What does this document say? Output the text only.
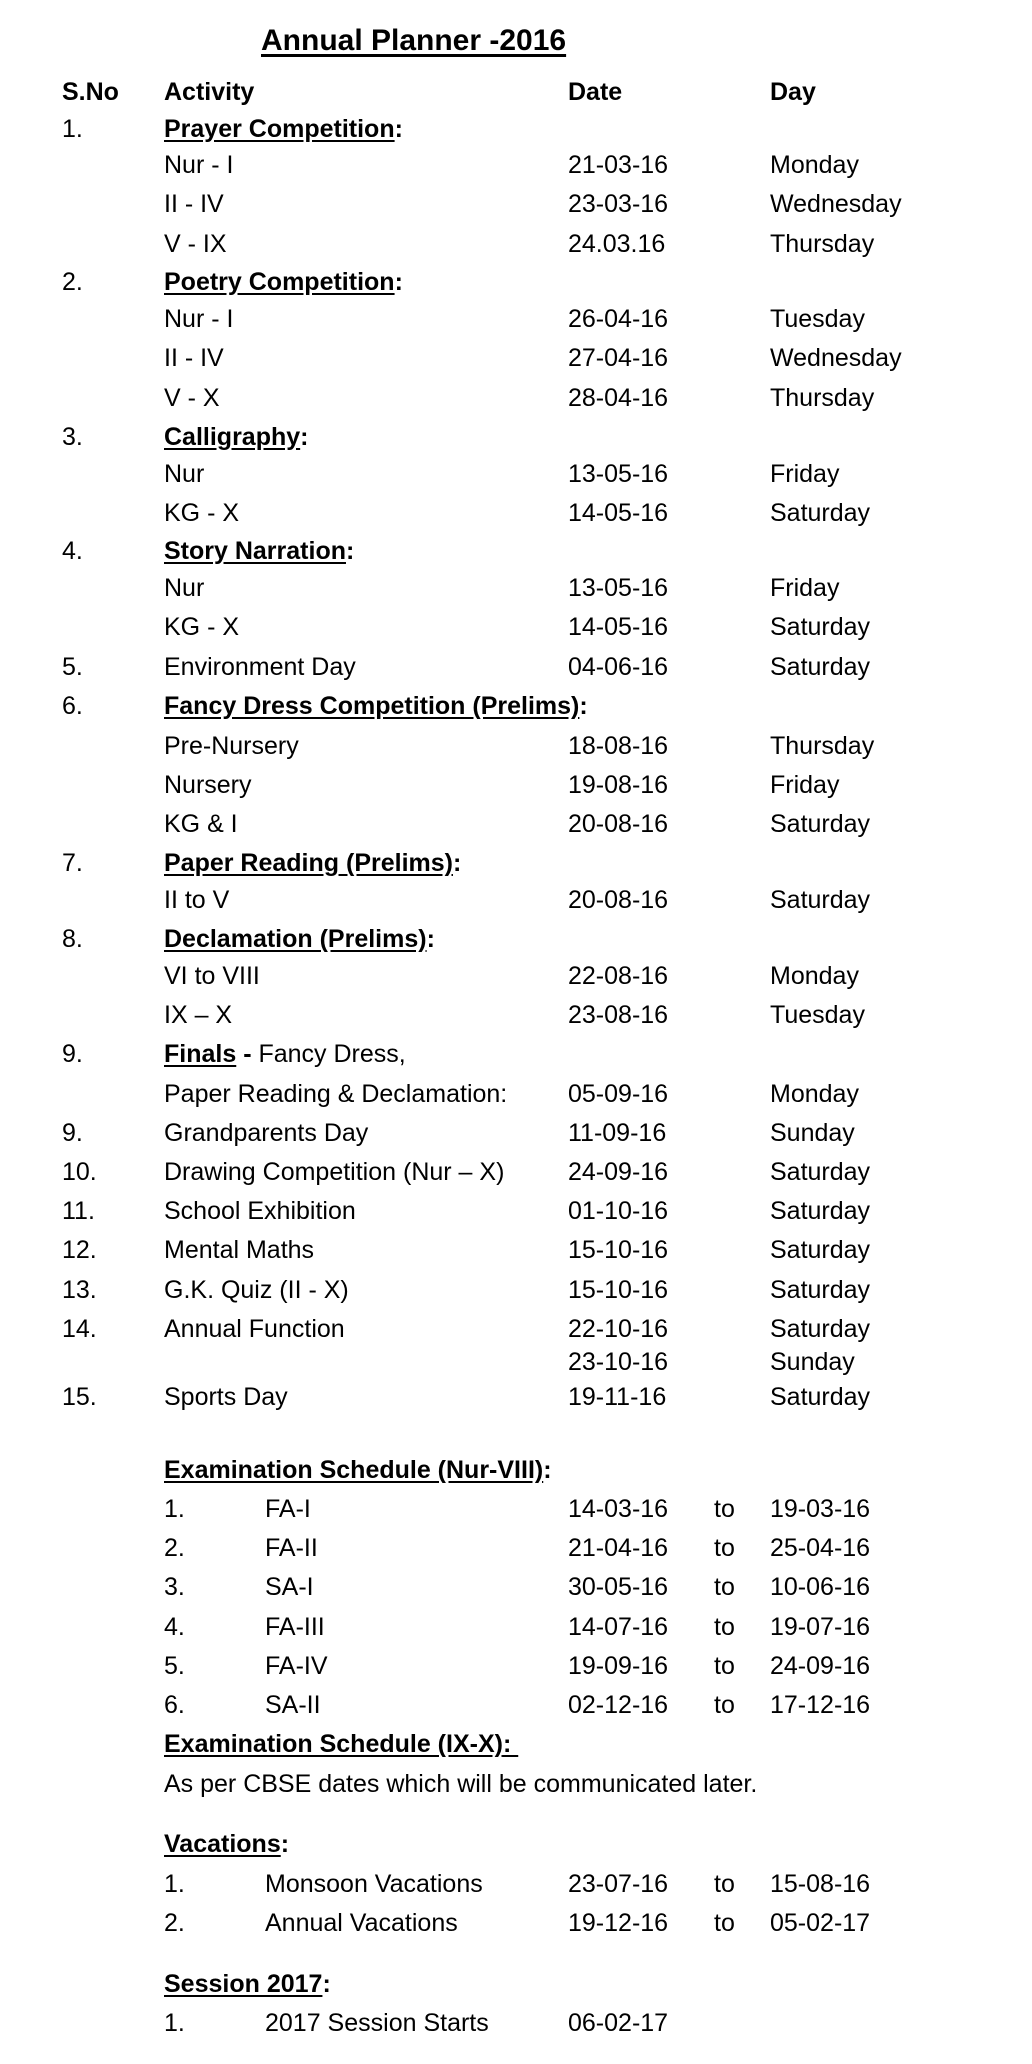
Annual Planner -2016
S.No Activity	Date	Day
1.	Prayer Competition:
Nur - I	21-03-16	Monday
II - IV	23-03-16	Wednesday
V - IX	24.03.16	Thursday
2.	Poetry Competition:
Nur - I	26-04-16	Tuesday
II - IV	27-04-16	Wednesday
V - X	28-04-16	Thursday
3.	Calligraphy:
Nur	13-05-16	Friday
KG - X	14-05-16	Saturday
4.	Story Narration:
Nur	13-05-16	Friday
KG - X	14-05-16	Saturday
5.	Environment Day	04-06-16	Saturday
6.	Fancy Dress Competition (Prelims):
Pre-Nursery	18-08-16	Thursday
Nursery	19-08-16	Friday
KG & I	20-08-16	Saturday
7.	Paper Reading (Prelims):
II to V	20-08-16	Saturday
8.	Declamation (Prelims):
VI to VIII	22-08-16	Monday
IX – X	23-08-16	Tuesday
9.	Finals - Fancy Dress,
Paper Reading & Declamation: 05-09-16	Monday
9.	Grandparents Day	11-09-16	Sunday
10.	Drawing Competition (Nur – X)	24-09-16	Saturday
11.	School Exhibition	01-10-16	Saturday
12.	Mental Maths	15-10-16	Saturday
13.	G.K. Quiz (II - X)	15-10-16	Saturday
14.	Annual Function	22-10-16	Saturday
23-10-16	Sunday
15.	Sports Day	19-11-16	Saturday
Examination Schedule (Nur-VIII):
1.	FA-I	14-03-16 to 19-03-16
2.	FA-II	21-04-16 to 25-04-16
3.	SA-I	30-05-16 to 10-06-16
4.	FA-III	14-07-16 to 19-07-16
5.	FA-IV	19-09-16 to 24-09-16
6.	SA-II	02-12-16 to 17-12-16
Examination Schedule (IX-X):
As per CBSE dates which will be communicated later.
Vacations:
1.	Monsoon Vacations	23-07-16 to 15-08-16
2.	Annual Vacations	19-12-16 to 05-02-17
Session 2017:
1.	2017 Session Starts	06-02-17
